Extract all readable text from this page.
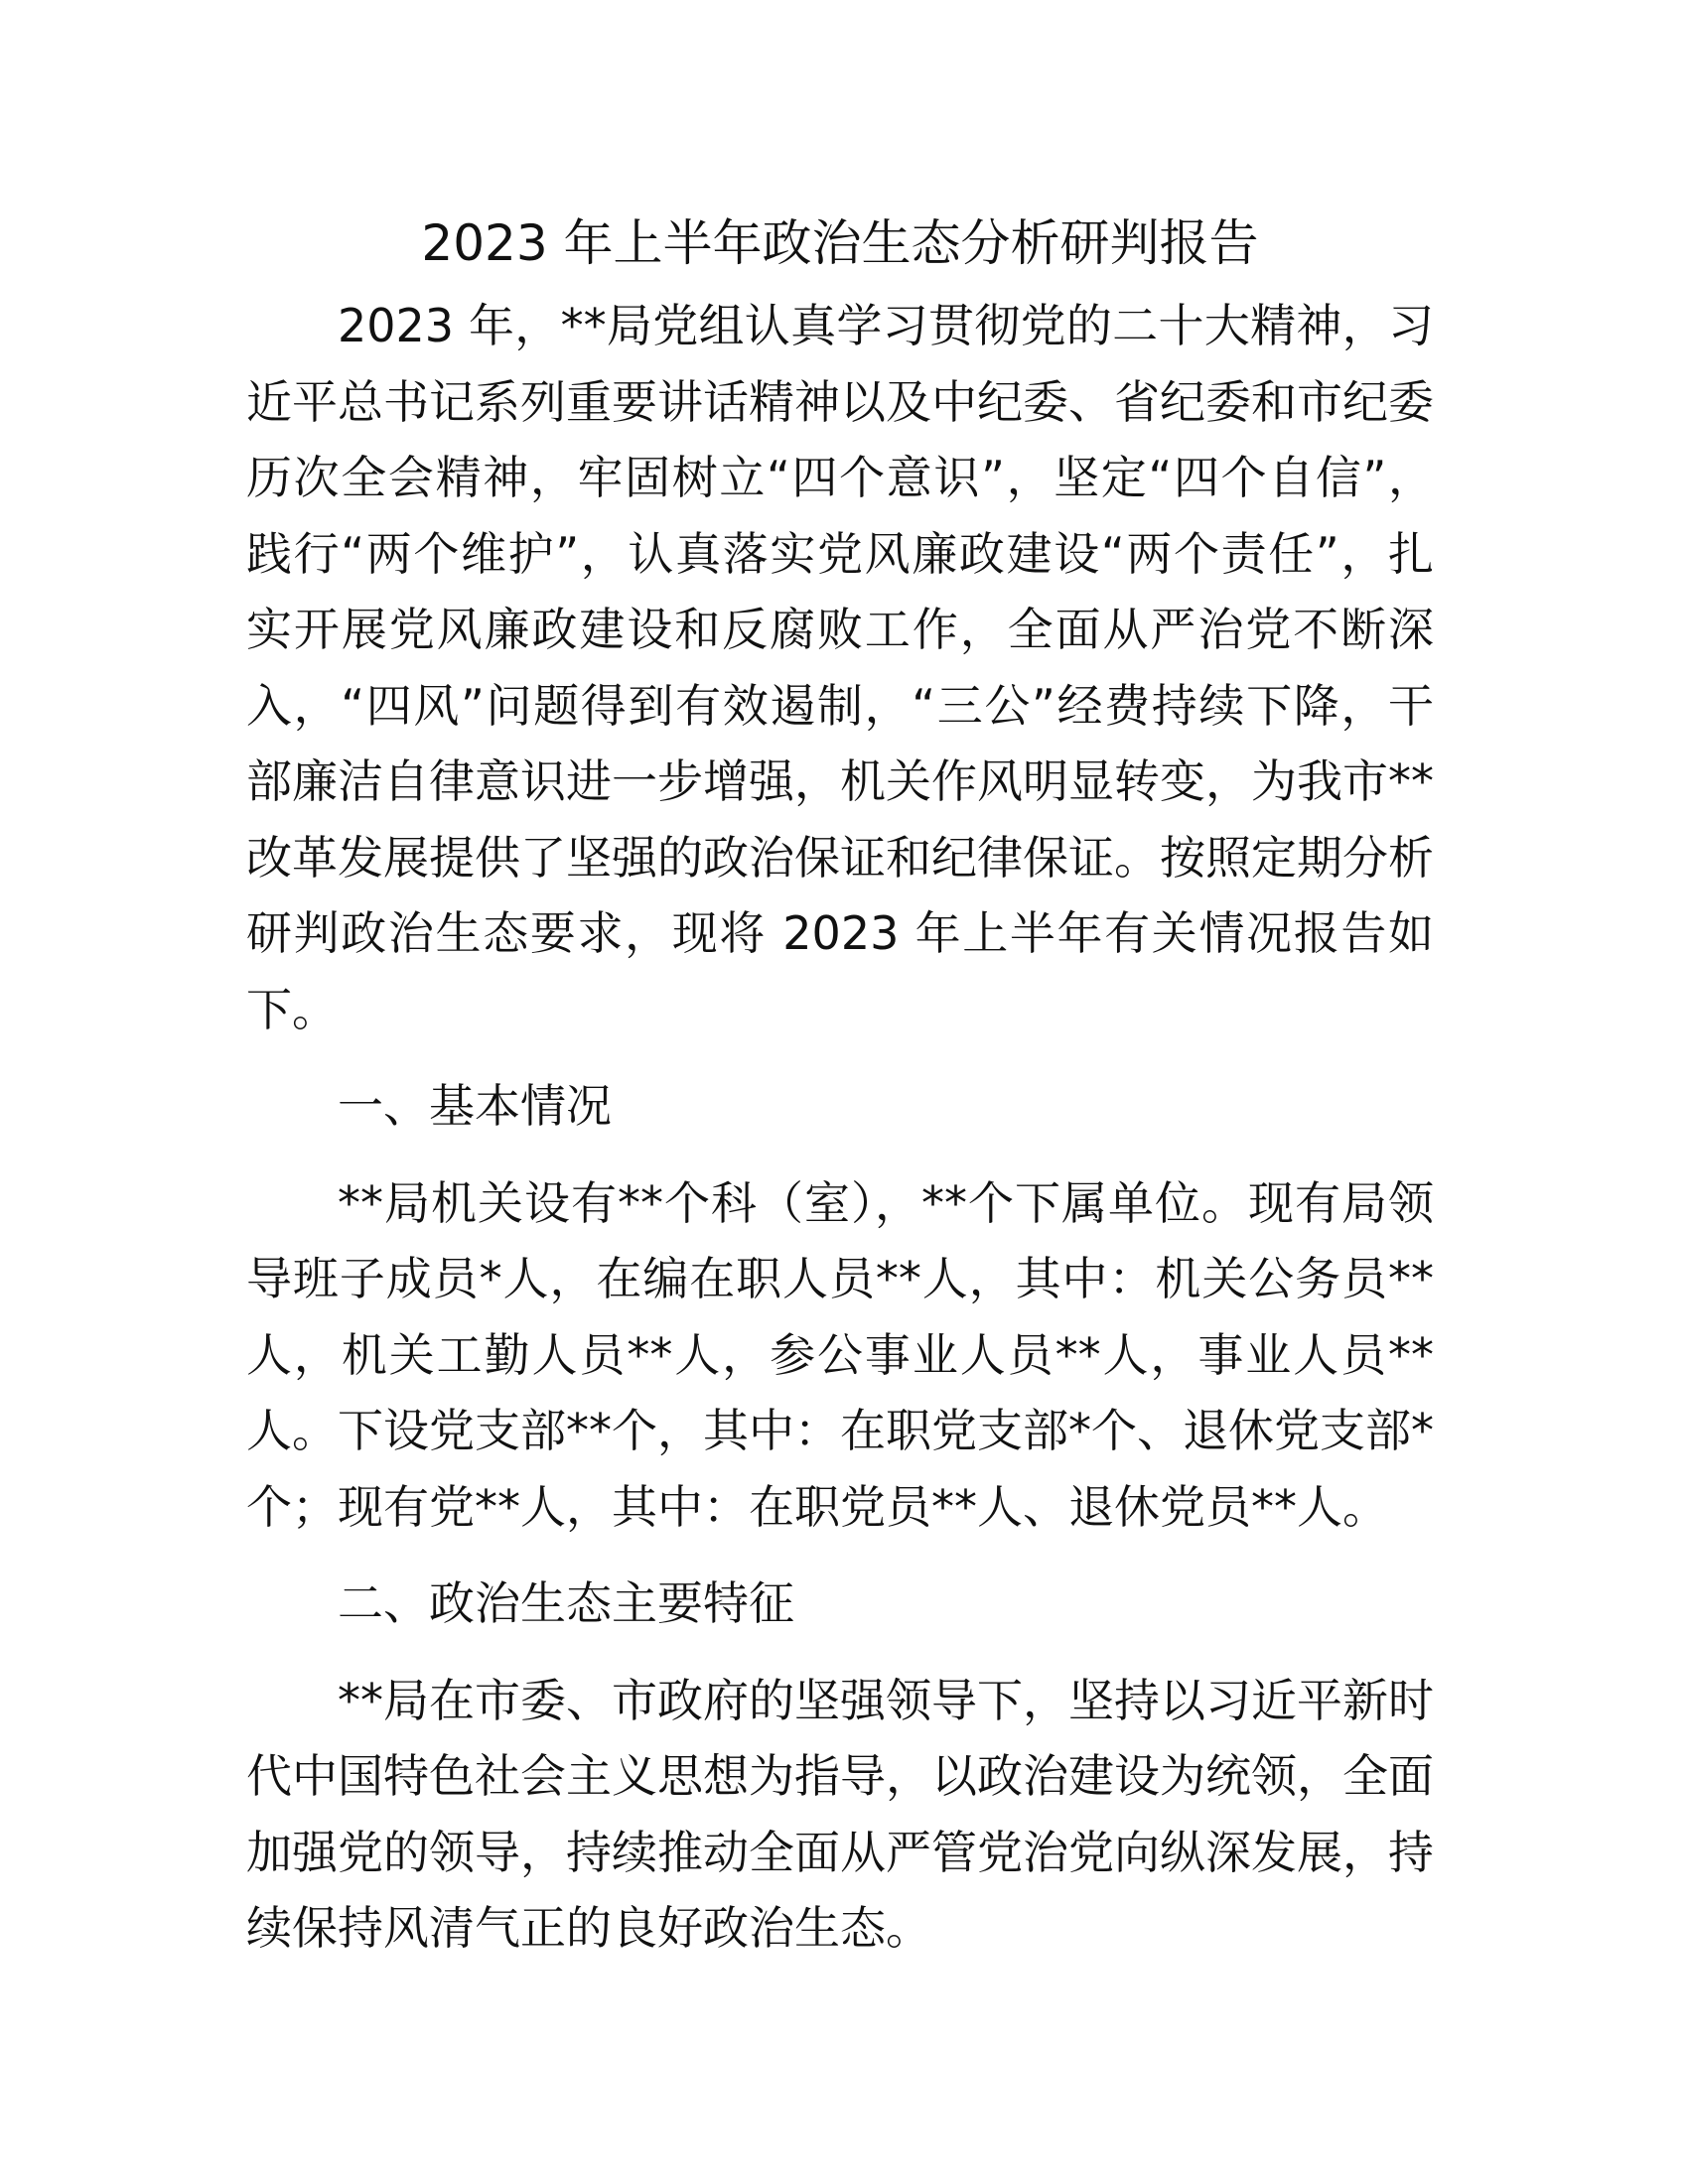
2023 年上半年政治生态分析研判报告

2023 年，**局党组认真学习贯彻党的二十大精神，习近平总书记系列重要讲话精神以及中纪委、省纪委和市纪委历次全会精神，牢固树立“四个意识”，坚定“四个自信”，践行“两个维护”，认真落实党风廉政建设“两个责任”，扎实开展党风廉政建设和反腐败工作，全面从严治党不断深入，“四风”问题得到有效遏制，“三公”经费持续下降，干部廉洁自律意识进一步增强，机关作风明显转变，为我市**改革发展提供了坚强的政治保证和纪律保证。按照定期分析研判政治生态要求，现将 2023 年上半年有关情况报告如下。

一、基本情况

**局机关设有**个科（室），**个下属单位。现有局领导班子成员*人，在编在职人员**人，其中：机关公务员**人，机关工勤人员**人，参公事业人员**人，事业人员**人。下设党支部**个，其中：在职党支部*个、退休党支部*个；现有党**人，其中：在职党员**人、退休党员**人。

二、政治生态主要特征

**局在市委、市政府的坚强领导下，坚持以习近平新时代中国特色社会主义思想为指导，以政治建设为统领，全面加强党的领导，持续推动全面从严管党治党向纵深发展，持续保持风清气正的良好政治生态。
